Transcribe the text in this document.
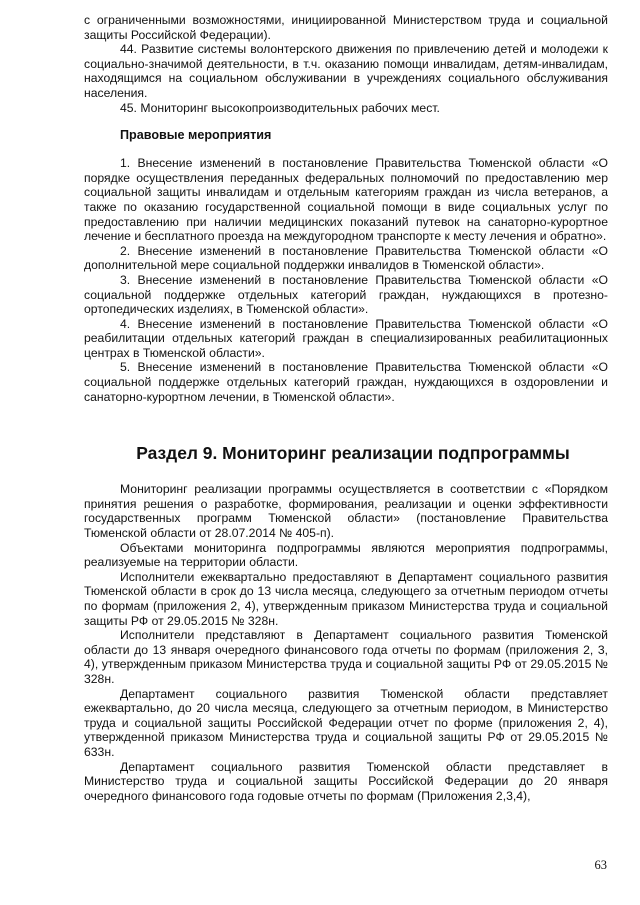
с ограниченными возможностями, инициированной Министерством труда и социальной защиты Российской Федерации).

44. Развитие системы волонтерского движения по привлечению детей и молодежи к социально-значимой деятельности, в т.ч. оказанию помощи инвалидам, детям-инвалидам, находящимся на социальном обслуживании в учреждениях социального обслуживания населения.

45. Мониторинг высокопроизводительных рабочих мест.

Правовые мероприятия

1. Внесение изменений в постановление Правительства Тюменской области «О порядке осуществления переданных федеральных полномочий по предоставлению мер социальной защиты инвалидам и отдельным категориям граждан из числа ветеранов, а также по оказанию государственной социальной помощи в виде социальных услуг по предоставлению при наличии медицинских показаний путевок на санаторно-курортное лечение и бесплатного проезда на междугородном транспорте к месту лечения и обратно».

2. Внесение изменений в постановление Правительства Тюменской области «О дополнительной мере социальной поддержки инвалидов в Тюменской области».

3. Внесение изменений в постановление Правительства Тюменской области «О социальной поддержке отдельных категорий граждан, нуждающихся в протезно-ортопедических изделиях, в Тюменской области».

4. Внесение изменений в постановление Правительства Тюменской области «О реабилитации отдельных категорий граждан в специализированных реабилитационных центрах в Тюменской области».

5. Внесение изменений в постановление Правительства Тюменской области «О социальной поддержке отдельных категорий граждан, нуждающихся в оздоровлении и санаторно-курортном лечении, в Тюменской области».

Раздел 9. Мониторинг реализации подпрограммы

Мониторинг реализации программы осуществляется в соответствии с «Порядком принятия решения о разработке, формирования, реализации и оценки эффективности государственных программ Тюменской области» (постановление Правительства Тюменской области от 28.07.2014 № 405-п).

Объектами мониторинга подпрограммы являются мероприятия подпрограммы, реализуемые на территории области.

Исполнители ежеквартально предоставляют в Департамент социального развития Тюменской области в срок до 13 числа месяца, следующего за отчетным периодом отчеты по формам (приложения 2, 4), утвержденным приказом Министерства труда и социальной защиты РФ от 29.05.2015 № 328н.

Исполнители представляют в Департамент социального развития Тюменской области до 13 января очередного финансового года отчеты по формам (приложения 2, 3, 4), утвержденным приказом Министерства труда и социальной защиты РФ от 29.05.2015 № 328н.

Департамент социального развития Тюменской области представляет ежеквартально, до 20 числа месяца, следующего за отчетным периодом, в Министерство труда и социальной защиты Российской Федерации отчет по форме (приложения 2, 4), утвержденной приказом Министерства труда и социальной защиты РФ от 29.05.2015 № 633н.

Департамент социального развития Тюменской области представляет в Министерство труда и социальной защиты Российской Федерации до 20 января очередного финансового года годовые отчеты по формам (Приложения 2,3,4),

63
